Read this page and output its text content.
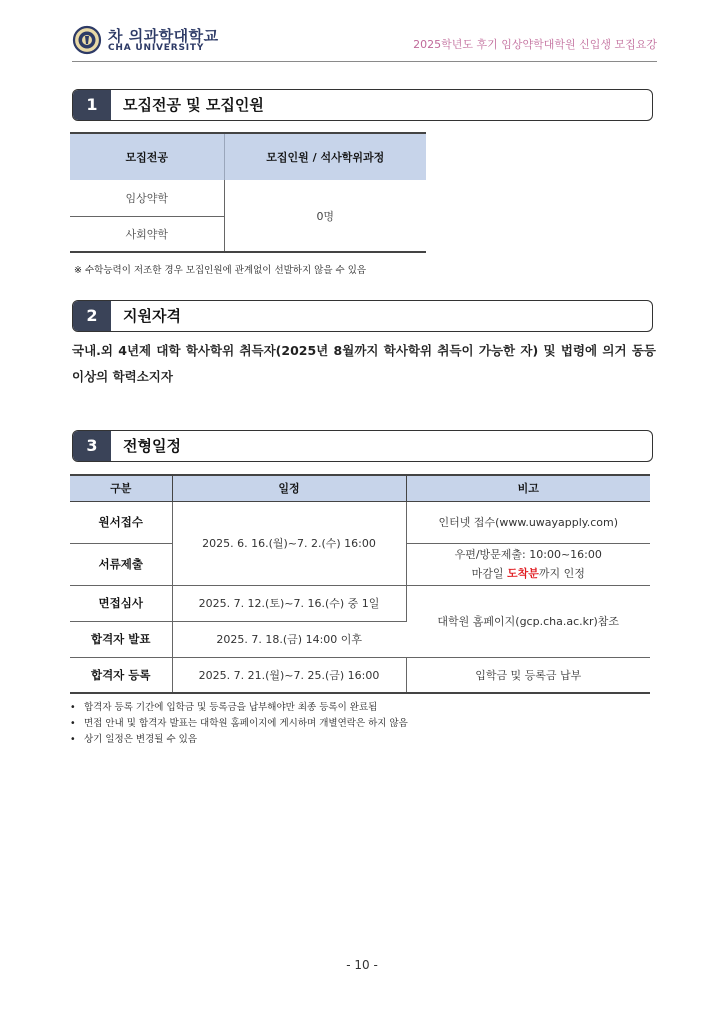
차 의과학대학교
CHA UNIVERSITY	2025학년도 후기 임상약학대학원 신입생 모집요강
1	모집전공 및 모집인원
모집전공	모집인원 / 석사학위과정
임상약학	0명
사회약학	
※ 수학능력이 저조한 경우 모집인원에 관계없이 선발하지 않을 수 있음
2	지원자격
국내.외 4년제 대학 학사학위 취득자(2025년 8월까지 학사학위 취득이 가능한 자) 및 법령에 의거 동등 이상의 학력소지자
3	전형일정
구분	일정	비고
원서접수	2025. 6. 16.(월)~7. 2.(수) 16:00	인터넷 접수(www.uwayapply.com)
서류제출		우편/방문제출: 10:00~16:00
마감일 도착분까지 인정

면접심사	2025. 7. 12.(토)~7. 16.(수) 중 1일	대학원 홈페이지(gcp.cha.ac.kr)참조
합격자 발표	2025. 7. 18.(금) 14:00 이후	
합격자 등록	2025. 7. 21.(월)~7. 25.(금) 16:00	입학금 및 등록금 납부
• 합격자 등록 기간에 입학금 및 등록금을 납부해야만 최종 등록이 완료됨
• 면접 안내 및 합격자 발표는 대학원 홈페이지에 게시하며 개별연락은 하지 않음
• 상기 일정은 변경될 수 있음
- 10 -
